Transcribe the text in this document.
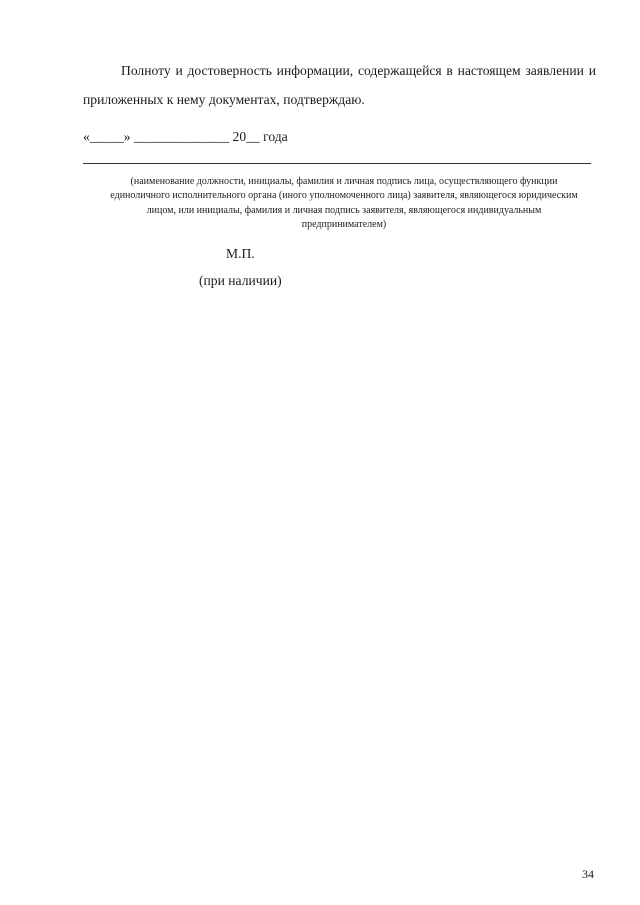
Полноту и достоверность информации, содержащейся в настоящем заявлении и
приложенных к нему документах, подтверждаю.
«_____» ______________ 20__ года
(наименование должности, инициалы, фамилия и личная подпись лица, осуществляющего функции
единоличного исполнительного органа (иного уполномоченного лица) заявителя, являющегося юридическим
лицом, или инициалы, фамилия и личная подпись заявителя, являющегося индивидуальным
предпринимателем)
М.П.
(при наличии)
34
